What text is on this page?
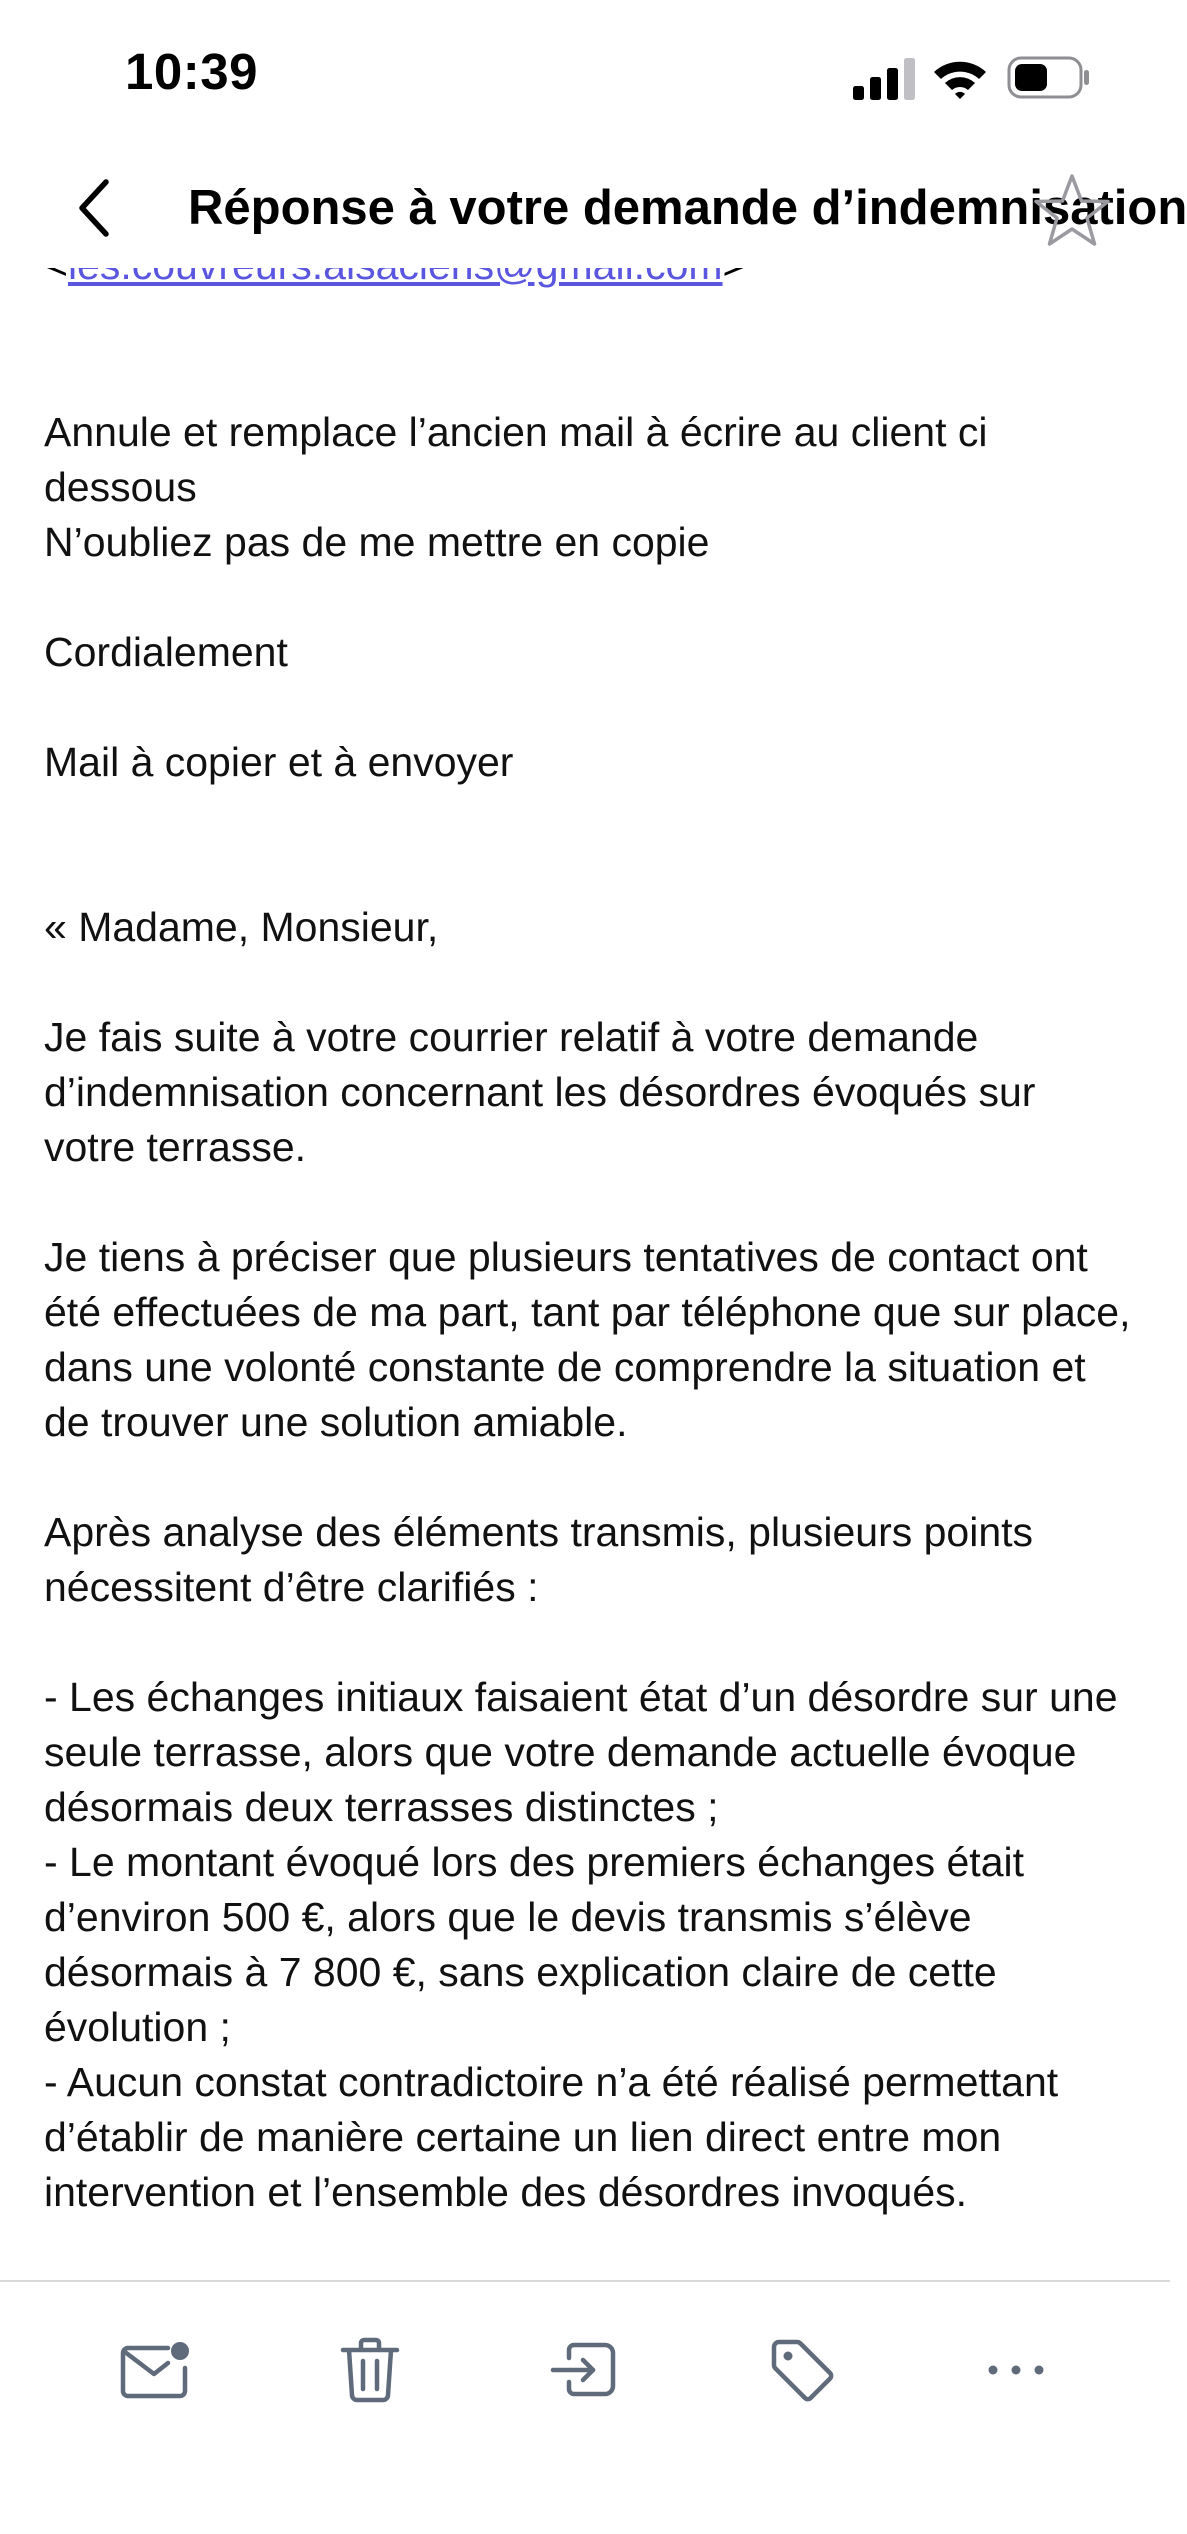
10:39
Réponse à votre demande d’indemnisation

Annule et remplace l’ancien mail à écrire au client ci dessous

N’oubliez pas de me mettre en copie

Cordialement

Mail à copier et à envoyer

« Madame, Monsieur,

Je fais suite à votre courrier relatif à votre demande d’indemnisation concernant les désordres évoqués sur votre terrasse.

Je tiens à préciser que plusieurs tentatives de contact ont été effectuées de ma part, tant par téléphone que sur place, dans une volonté constante de comprendre la situation et de trouver une solution amiable.

Après analyse des éléments transmis, plusieurs points nécessitent d’être clarifiés :

- Les échanges initiaux faisaient état d’un désordre sur une seule terrasse, alors que votre demande actuelle évoque désormais deux terrasses distinctes ;

- Le montant évoqué lors des premiers échanges était d’environ 500 €, alors que le devis transmis s’élève désormais à 7 800 €, sans explication claire de cette évolution ;

- Aucun constat contradictoire n’a été réalisé permettant d’établir de manière certaine un lien direct entre mon intervention et l’ensemble des désordres invoqués.
